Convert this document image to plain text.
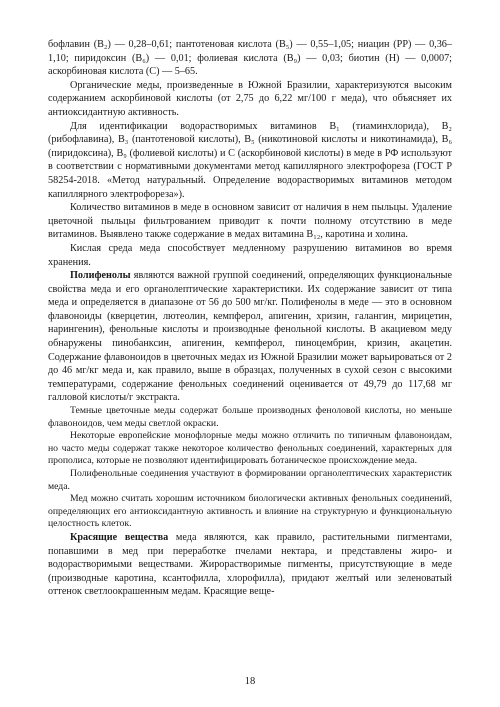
бофлавин (B₂) — 0,28–0,61; пантотеновая кислота (B₅) — 0,55–1,05; ниацин (PP) — 0,36–1,10; пиридоксин (B₆) — 0,01; фолиевая кислота (B₉) — 0,03; биотин (H) — 0,0007; аскорбиновая кислота (C) — 5–65.

Органические меды, произведенные в Южной Бразилии, характеризуются высоким содержанием аскорбиновой кислоты (от 2,75 до 6,22 мг/100 г меда), что объясняет их антиоксидантную активность.

Для идентификации водорастворимых витаминов B₁ (тиаминхлорида), B₂ (рибофлавина), B₃ (пантотеновой кислоты), B₅ (никотиновой кислоты и никотинамида), B₆ (пиридоксина), B₉ (фолиевой кислоты) и C (аскорбиновой кислоты) в меде в РФ используют в соответствии с нормативными документами метод капиллярного электрофореза (ГОСТ Р 58254-2018. «Метод натуральный. Определение водорастворимых витаминов методом капиллярного электрофореза»).

Количество витаминов в меде в основном зависит от наличия в нем пыльцы. Удаление цветочной пыльцы фильтрованием приводит к почти полному отсутствию в меде витаминов. Выявлено также содержание в медах витамина B₁₂, каротина и холина.

Кислая среда меда способствует медленному разрушению витаминов во время хранения.

Полифенолы являются важной группой соединений, определяющих функциональные свойства меда и его органолептические характеристики. Их содержание зависит от типа меда и определяется в диапазоне от 56 до 500 мг/кг. Полифенолы в меде — это в основном флавоноиды (кверцетин, лютеолин, кемпферол, апигенин, хризин, галангин, мирицетин, нарингенин), фенольные кислоты и производные фенольной кислоты. В акациевом меду обнаружены пинобанксин, апигенин, кемпферол, пиноцембрин, кризин, акацетин. Содержание флавоноидов в цветочных медах из Южной Бразилии может варьироваться от 2 до 46 мг/кг меда и, как правило, выше в образцах, полученных в сухой сезон с высокими температурами, содержание фенольных соединений оценивается от 49,79 до 117,68 мг галловой кислоты/г экстракта.

Темные цветочные меды содержат больше производных феноловой кислоты, но меньше флавоноидов, чем меды светлой окраски.

Некоторые европейские монофлорные меды можно отличить по типичным флавоноидам, но часто меды содержат также некоторое количество фенольных соединений, характерных для прополиса, которые не позволяют идентифицировать ботаническое происхождение меда.

Полифенольные соединения участвуют в формировании органолептических характеристик меда.

Мед можно считать хорошим источником биологически активных фенольных соединений, определяющих его антиоксидантную активность и влияние на структурную и функциональную целостность клеток.

Красящие вещества меда являются, как правило, растительными пигментами, попавшими в мед при переработке пчелами нектара, и представлены жиро- и водорастворимыми веществами. Жирорастворимые пигменты, присутствующие в меде (производные каротина, ксантофилла, хлорофилла), придают желтый или зеленоватый оттенок светлоокрашенным медам. Красящие веще-

18
